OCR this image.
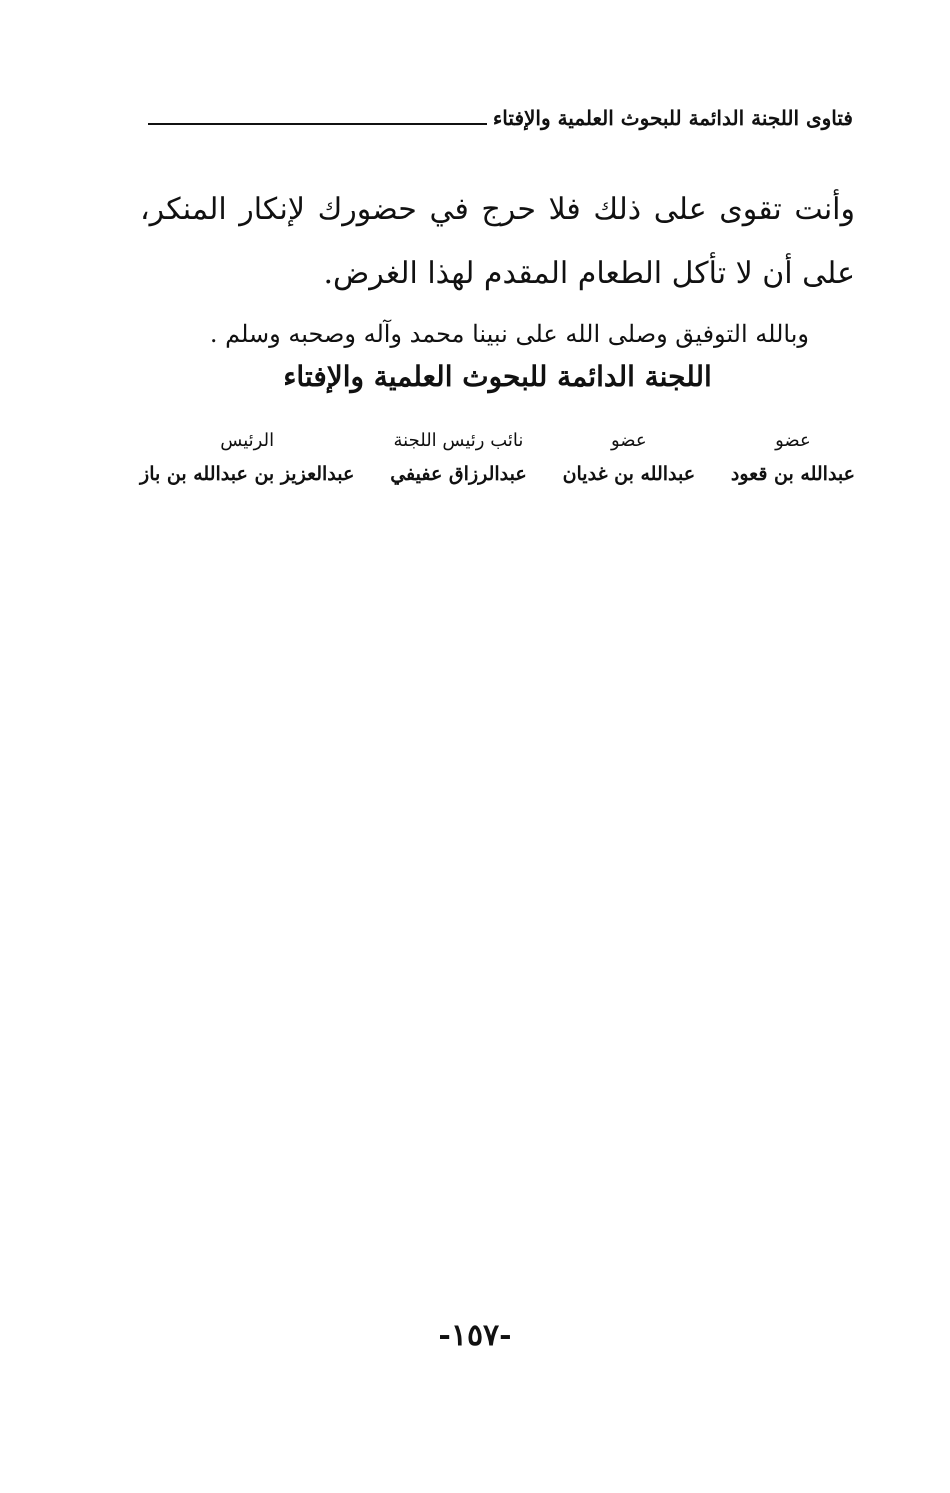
فتاوى اللجنة الدائمة للبحوث العلمية والإفتاء

وأنت تقوى على ذلك فلا حرج في حضورك لإنكار المنكر، على أن لا تأكل الطعام المقدم لهذا الغرض.

وبالله التوفيق وصلى الله على نبينا محمد وآله وصحبه وسلم .

اللجنة الدائمة للبحوث العلمية والإفتاء
عضو
عبدالله بن قعود
عضو
عبدالله بن غديان
نائب رئيس اللجنة
عبدالرزاق عفيفي
الرئيس
عبدالعزيز بن عبدالله بن باز
-١٥٧-
